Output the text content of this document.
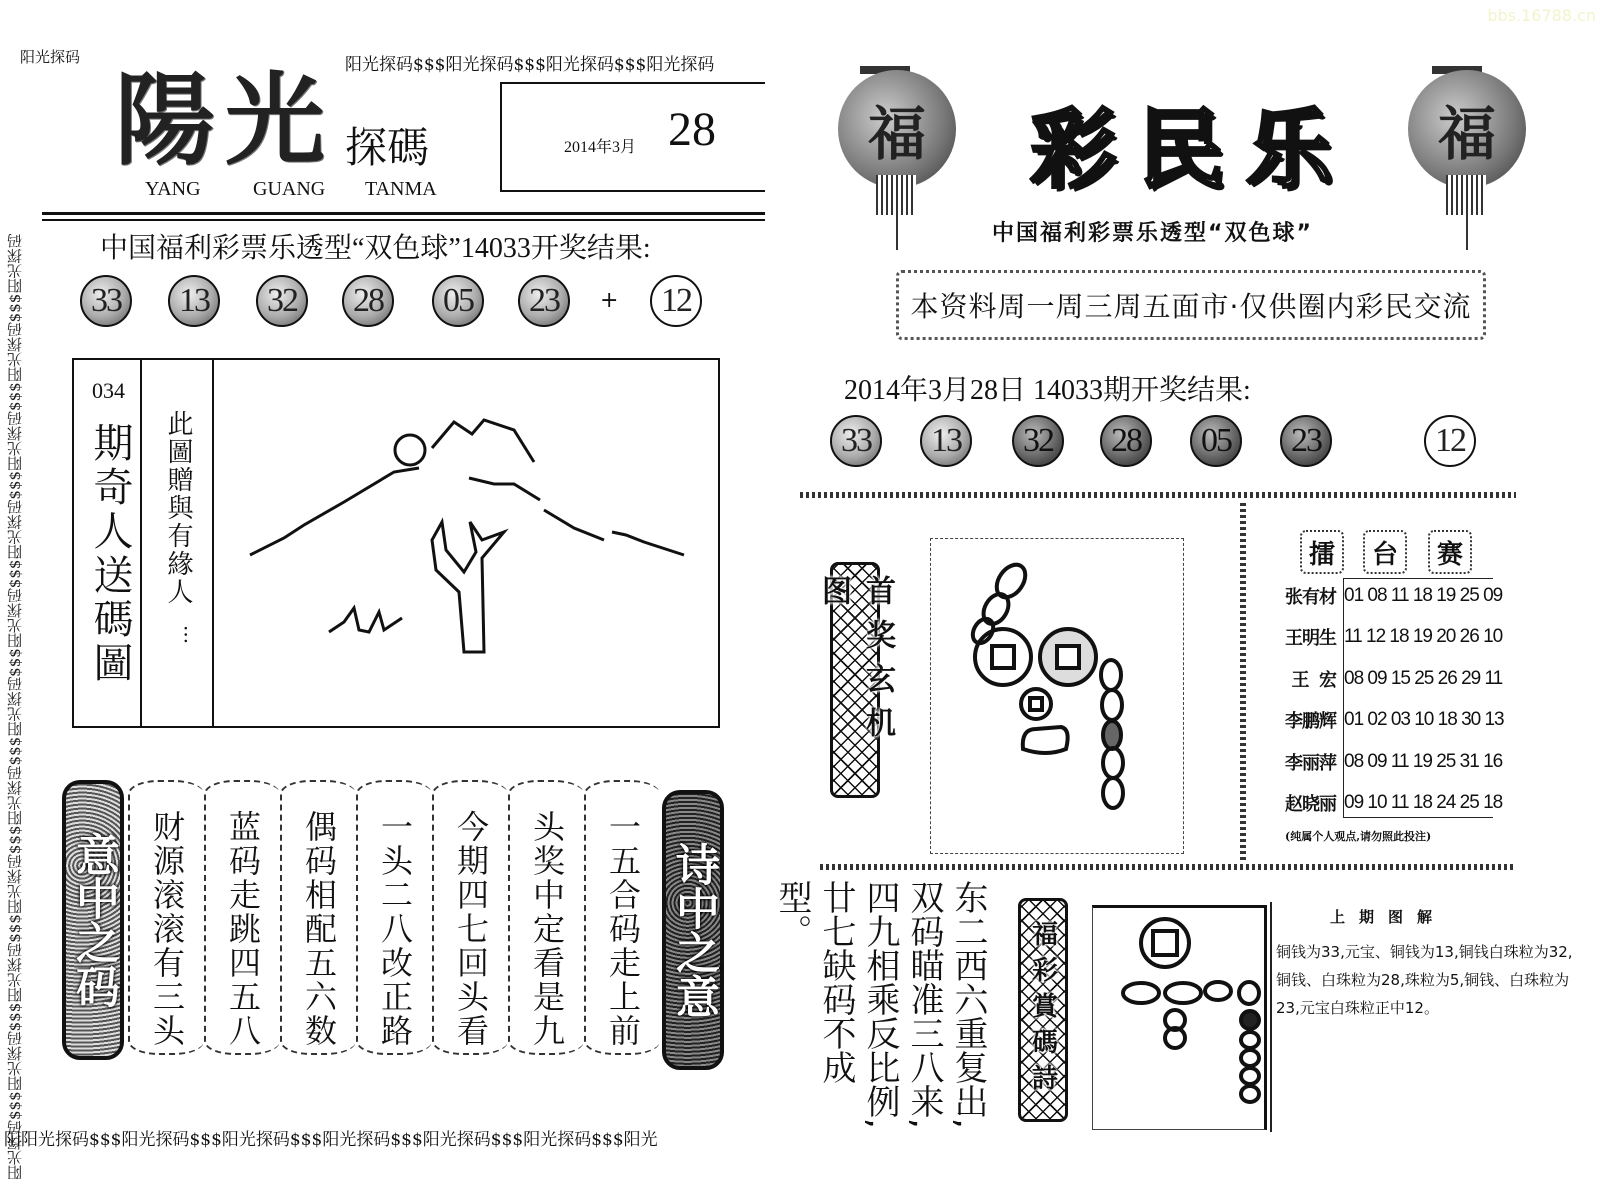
阳光探码
阳光探码$$$阳光探码$$$阳光探码$$$阳光探码$$$阳光探码$$$阳光探码$$$阳光探码$$$阳光探码$$$阳光探码$$$阳光探码$$$阳光探码
陽光 探碼
YANG	GUANG TANMA
阳光探码$$$阳光探码$$$阳光探码$$$阳光探码
2014年3月 28
中国福利彩票乐透型“双色球”14033开奖结果:
33	13	32	28	05	23	+	12
034
期奇人送碼圖 此圖贈與有緣人
···
意中之码	一五合码走上前
头奖中定看是九
今期四七回头看
一头二八改正路
偶码相配五六数
蓝码走跳四五八
财源滚滚有三头	诗中之意
阳阳光探码$$$阳光探码$$$阳光探码$$$阳光探码$$$阳光探码$$$阳光探码$$$阳光
bbs.16788.cn
福	福
彩民乐
中国福利彩票乐透型“双色球”
本资料周一周三周五面市·仅供圈内彩民交流
2014年3月28日 14033期开奖结果:
33	13	32	28	05	23	12
首奖玄机图
擂	台	赛
张有材 01 08 11 18 19 25 09
王明生 11 12 18 19 20 26 10
王  宏 08 09 15 25 26 29 11
李鹏辉 01 02 03 10 18 30 13
李丽萍 08 09 11 19 25 31 16
赵晓丽 09 10 11 18 24 25 18
(纯属个人观点,请勿照此投注)
东二西六重复出,
双码瞄准三八来,
四九相乘反比例,
廿七缺码不成型。
福彩賞碼詩
上期图解
铜钱为33,元宝、铜钱为13,铜钱白珠粒为32,铜钱、白珠粒为28,珠粒为5,铜钱、白珠粒为23,元宝白珠粒正中12。
